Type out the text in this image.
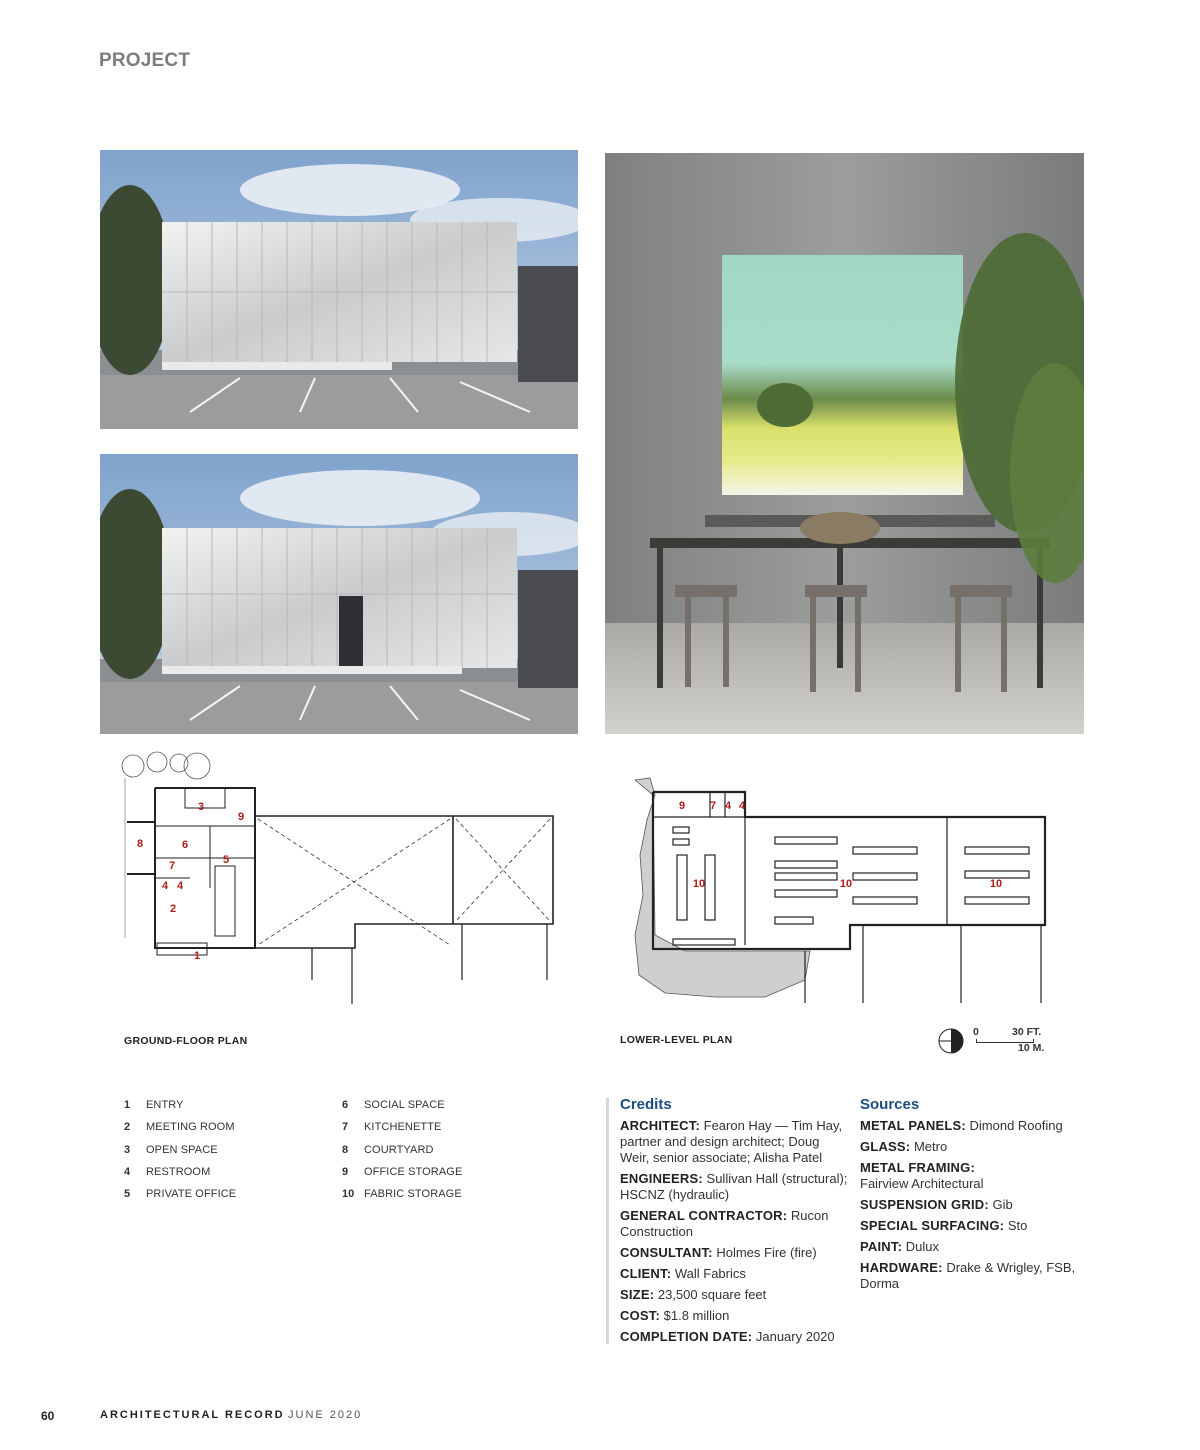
PROJECT
1
2
3
4 4
5
6
7
8
9
9 7 4 4
10	10	10
GROUND-FLOOR PLAN	LOWER-LEVEL PLAN
0	30 FT.
10 M.
1	ENTRY
2	MEETING ROOM
3	OPEN SPACE
4	RESTROOM
5	PRIVATE OFFICE
6	SOCIAL SPACE
7	KITCHENETTE
8	COURTYARD
9	OFFICE STORAGE
10 FABRIC STORAGE
Credits
ARCHITECT: Fearon Hay — Tim Hay, partner and design architect; Doug Weir, senior associate; Alisha Patel
ENGINEERS: Sullivan Hall (structural); HSCNZ (hydraulic)
GENERAL CONTRACTOR: Rucon Construction
CONSULTANT: Holmes Fire (fire)
CLIENT: Wall Fabrics
SIZE: 23,500 square feet
COST: $1.8 million
COMPLETION DATE: January 2020
Sources
METAL PANELS: Dimond Roofing
GLASS: Metro
METAL FRAMING:
Fairview Architectural
SUSPENSION GRID: Gib
SPECIAL SURFACING: Sto
PAINT: Dulux
HARDWARE: Drake & Wrigley, FSB, Dorma
60	ARCHITECTURAL RECORD JUNE 2020
